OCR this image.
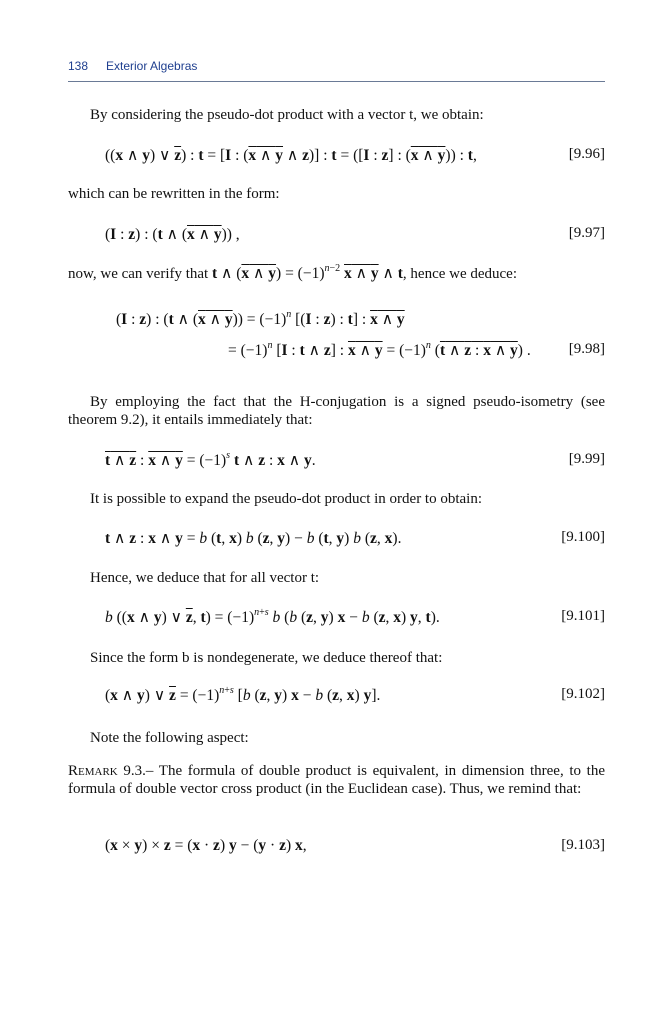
138 Exterior Algebras

By considering the pseudo-dot product with a vector t, we obtain:

((x ∧ y) ∨ $\overline{z}$) : t = [I : (x ∧ y ∧ z)] : t = ([I : z] : (x ∧ y)) : t,	[9.96]

which can be rewritten in the form:

(I : z) : (t ∧ (x ∧ y)) ,	[9.97]

now, we can verify that t ∧ (x ∧ $y) = (-1)^{n-2}$ x ∧ y ∧ t, hence we deduce:

(I : z) : (t ∧ (x ∧ $y)) = (-1)^n$ [(I : z) : t] : x ∧ y
= $(-1)^n$ [I : t ∧ z] : x ∧ $y = (-1)^n$ (t ∧ z : x ∧ y) .	[9.98]

By employing the fact that the H-conjugation is a signed pseudo-isometry (see theorem 9.2), it entails immediately that:

t ∧ z : x ∧ $y = (-1)^s$ t ∧ z : x ∧ y.	[9.99]

It is possible to expand the pseudo-dot product in order to obtain:

t ∧ z : x ∧ y = b (t, x) b (z, y) − b (t, y) b (z, x).	[9.100]

Hence, we deduce that for all vector t:

b ((x ∧ y) ∨ $\overline{z}$, $t) = (-1)^{n+s}$ b (b (z, y) x − b (z, x) y, t).	[9.101]

Since the form b is nondegenerate, we deduce thereof that:

(x ∧ y) ∨ $\overline{z} = (-1)^{n+s}$ [b (z, y) x − b (z, x) y].	[9.102]

Note the following aspect:

Remark 9.3.– The formula of double product is equivalent, in dimension three, to the formula of double vector cross product (in the Euclidean case). Thus, we remind that:

(x × y) × z = (x · z) y − (y · z) x,	[9.103]
